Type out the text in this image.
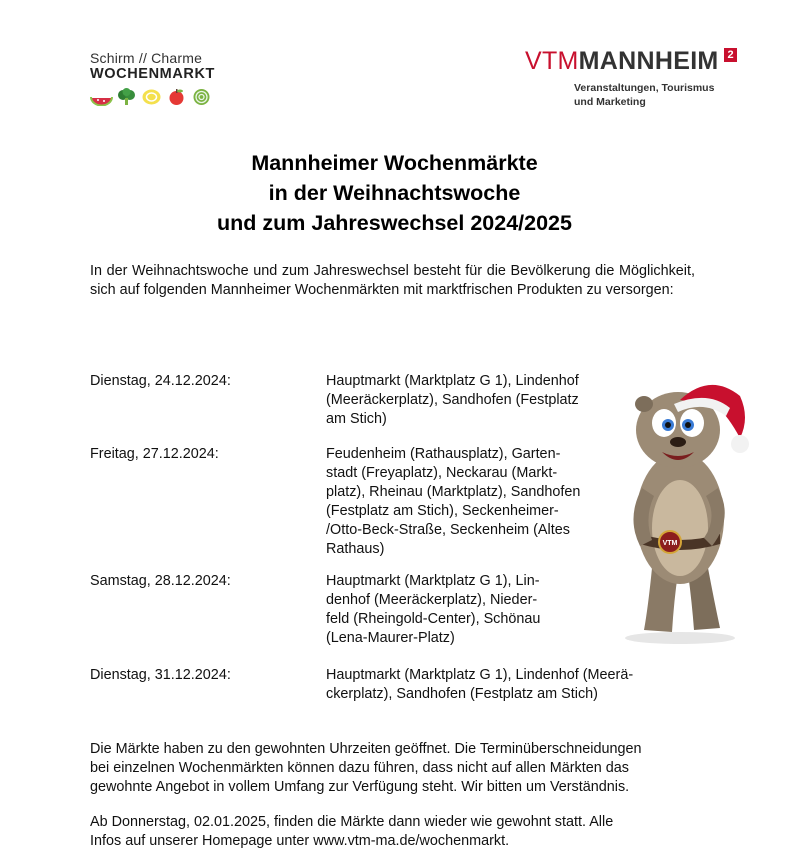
Schirm // Charme
WOCHENMARKT	VTMMANNHEIM 2
Veranstaltungen, Tourismus
und Marketing
Mannheimer Wochenmärkte
in der Weihnachtswoche
und zum Jahreswechsel 2024/2025
In der Weihnachtswoche und zum Jahreswechsel besteht für die Bevölkerung die Möglichkeit, sich auf folgenden Mannheimer Wochenmärkten mit marktfrischen Produkten zu versorgen:
Dienstag, 24.12.2024:	Hauptmarkt (Marktplatz G 1), Lindenhof
(Meeräckerplatz), Sandhofen (Festplatz
am Stich)
Freitag, 27.12.2024:	Feudenheim (Rathausplatz), Garten-
stadt (Freyaplatz), Neckarau (Markt-
platz), Rheinau (Marktplatz), Sandhofen
(Festplatz am Stich), Seckenheimer-
/Otto-Beck-Straße, Seckenheim (Altes
Rathaus)
Samstag, 28.12.2024:	Hauptmarkt (Marktplatz G 1), Lin-
denhof (Meeräckerplatz), Nieder-
feld (Rheingold-Center), Schönau
(Lena-Maurer-Platz)
Dienstag, 31.12.2024:	Hauptmarkt (Marktplatz G 1), Lindenhof (Meerä-
ckerplatz), Sandhofen (Festplatz am Stich)
Die Märkte haben zu den gewohnten Uhrzeiten geöffnet. Die Terminüberschneidungen
bei einzelnen Wochenmärkten können dazu führen, dass nicht auf allen Märkten das
gewohnte Angebot in vollem Umfang zur Verfügung steht. Wir bitten um Verständnis.
Ab Donnerstag, 02.01.2025, finden die Märkte dann wieder wie gewohnt statt. Alle
Infos auf unserer Homepage unter www.vtm-ma.de/wochenmarkt.
VTM
